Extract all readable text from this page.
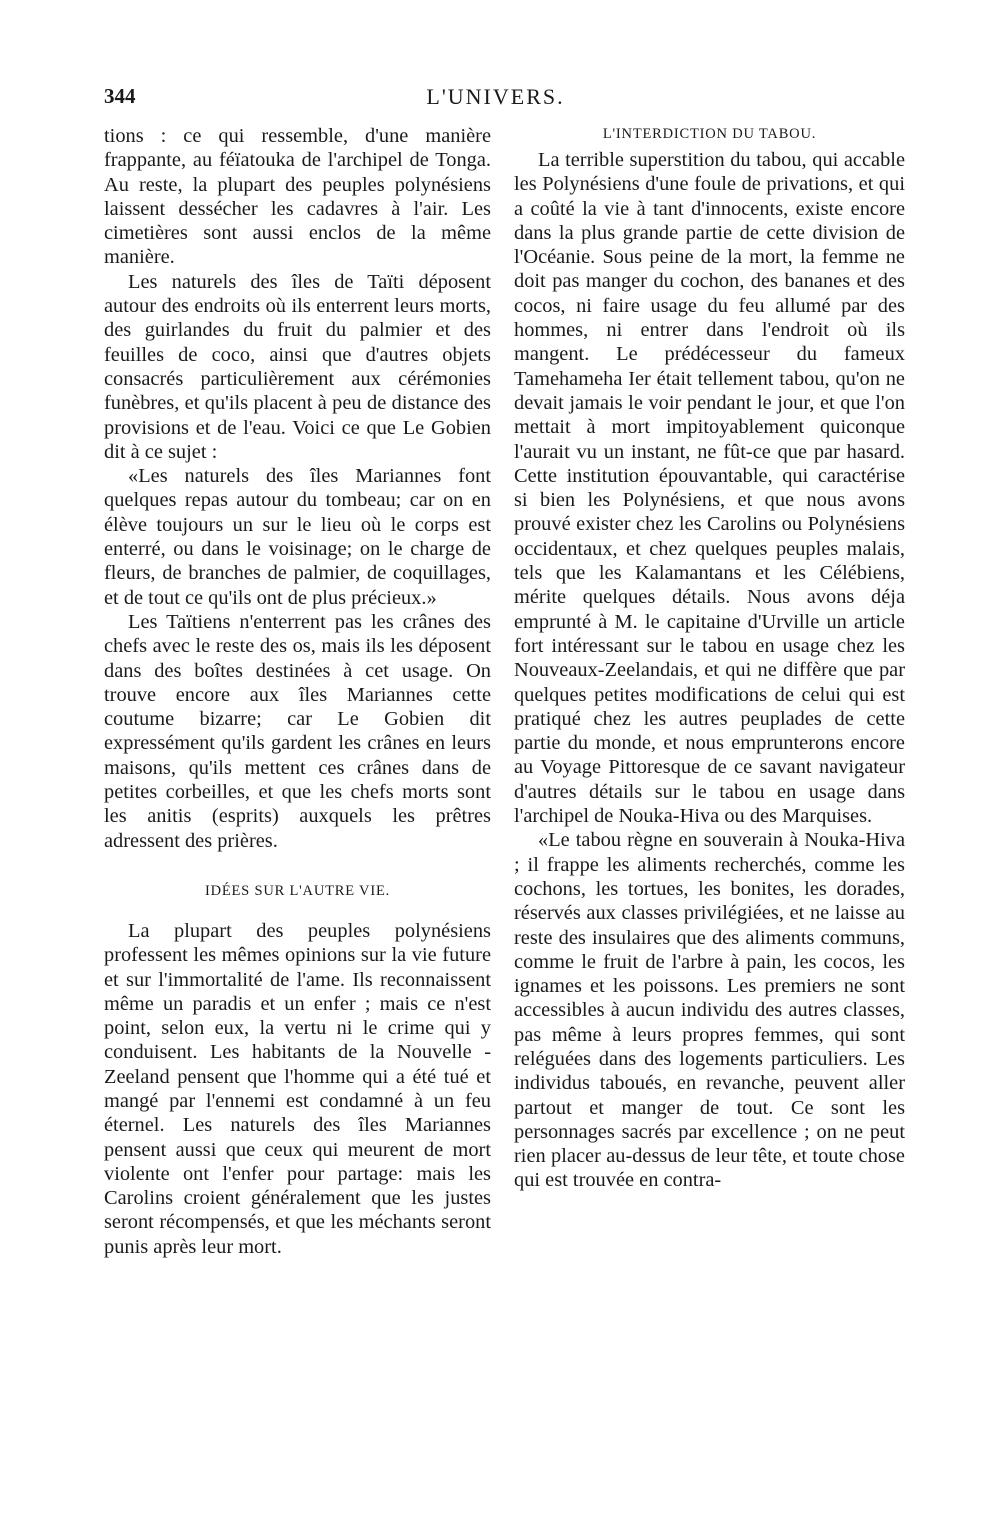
344	L'UNIVERS.

tions : ce qui ressemble, d'une manière frappante, au féïatouka de l'archipel de Tonga. Au reste, la plupart des peuples polynésiens laissent dessécher les cadavres à l'air. Les cimetières sont aussi enclos de la même manière.

Les naturels des îles de Taïti déposent autour des endroits où ils enterrent leurs morts, des guirlandes du fruit du palmier et des feuilles de coco, ainsi que d'autres objets consacrés particulièrement aux cérémonies funèbres, et qu'ils placent à peu de distance des provisions et de l'eau. Voici ce que Le Gobien dit à ce sujet :

«Les naturels des îles Mariannes font quelques repas autour du tombeau; car on en élève toujours un sur le lieu où le corps est enterré, ou dans le voisinage; on le charge de fleurs, de branches de palmier, de coquillages, et de tout ce qu'ils ont de plus précieux.»

Les Taïtiens n'enterrent pas les crânes des chefs avec le reste des os, mais ils les déposent dans des boîtes destinées à cet usage. On trouve encore aux îles Mariannes cette coutume bizarre; car Le Gobien dit expressément qu'ils gardent les crânes en leurs maisons, qu'ils mettent ces crânes dans de petites corbeilles, et que les chefs morts sont les anitis (esprits) auxquels les prêtres adressent des prières.

IDÉES SUR L'AUTRE VIE.

La plupart des peuples polynésiens professent les mêmes opinions sur la vie future et sur l'immortalité de l'ame. Ils reconnaissent même un paradis et un enfer ; mais ce n'est point, selon eux, la vertu ni le crime qui y conduisent. Les habitants de la Nouvelle - Zeeland pensent que l'homme qui a été tué et mangé par l'ennemi est condamné à un feu éternel. Les naturels des îles Mariannes pensent aussi que ceux qui meurent de mort violente ont l'enfer pour partage: mais les Carolins croient généralement que les justes seront récompensés, et que les méchants seront punis après leur mort.

L'INTERDICTION DU TABOU.

La terrible superstition du tabou, qui accable les Polynésiens d'une foule de privations, et qui a coûté la vie à tant d'innocents, existe encore dans la plus grande partie de cette division de l'Océanie. Sous peine de la mort, la femme ne doit pas manger du cochon, des bananes et des cocos, ni faire usage du feu allumé par des hommes, ni entrer dans l'endroit où ils mangent. Le prédécesseur du fameux Tamehameha Ier était tellement tabou, qu'on ne devait jamais le voir pendant le jour, et que l'on mettait à mort impitoyablement quiconque l'aurait vu un instant, ne fût-ce que par hasard. Cette institution épouvantable, qui caractérise si bien les Polynésiens, et que nous avons prouvé exister chez les Carolins ou Polynésiens occidentaux, et chez quelques peuples malais, tels que les Kalamantans et les Célébiens, mérite quelques détails. Nous avons déja emprunté à M. le capitaine d'Urville un article fort intéressant sur le tabou en usage chez les Nouveaux-Zeelandais, et qui ne diffère que par quelques petites modifications de celui qui est pratiqué chez les autres peuplades de cette partie du monde, et nous emprunterons encore au Voyage Pittoresque de ce savant navigateur d'autres détails sur le tabou en usage dans l'archipel de Nouka-Hiva ou des Marquises.

«Le tabou règne en souverain à Nouka-Hiva ; il frappe les aliments recherchés, comme les cochons, les tortues, les bonites, les dorades, réservés aux classes privilégiées, et ne laisse au reste des insulaires que des aliments communs, comme le fruit de l'arbre à pain, les cocos, les ignames et les poissons. Les premiers ne sont accessibles à aucun individu des autres classes, pas même à leurs propres femmes, qui sont reléguées dans des logements particuliers. Les individus taboués, en revanche, peuvent aller partout et manger de tout. Ce sont les personnages sacrés par excellence ; on ne peut rien placer au-dessus de leur tête, et toute chose qui est trouvée en contra-
